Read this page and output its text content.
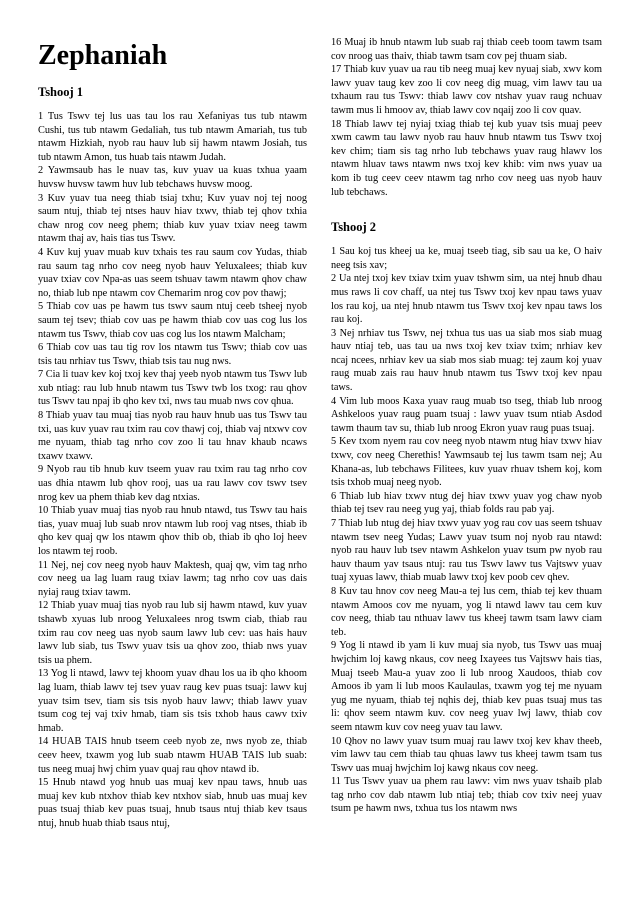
Zephaniah
Tshooj 1

1 Tus Tswv tej lus uas tau los rau Xefaniyas tus tub ntawm Cushi, tus tub ntawm Gedaliah, tus tub ntawm Amariah, tus tub ntawm Hizkiah, nyob rau hauv lub sij hawm ntawm Josiah, tus tub ntawm Amon, tus huab tais ntawm Judah.

2 Yawmsaub has le nuav tas, kuv yuav ua kuas txhua yaam huvsw huvsw tawm huv lub tebchaws huvsw moog.

3 Kuv yuav tua neeg thiab tsiaj txhu; Kuv yuav noj tej noog saum ntuj, thiab tej ntses hauv hiav txwv, thiab tej qhov txhia chaw nrog cov neeg phem; thiab kuv yuav txiav neeg tawm ntawm thaj av, hais tias tus Tswv.

4 Kuv kuj yuav muab kuv txhais tes rau saum cov Yudas, thiab rau saum tag nrho cov neeg nyob hauv Yeluxalees; thiab kuv yuav txiav cov Npa-as uas seem tshuav tawm ntawm qhov chaw no, thiab lub npe ntawm cov Chemarim nrog cov pov thawj;

5 Thiab cov uas pe hawm tus tswv saum ntuj ceeb tsheej nyob saum tej tsev; thiab cov uas pe hawm thiab cov uas cog lus los ntawm tus Tswv, thiab cov uas cog lus los ntawm Malcham;

6 Thiab cov uas tau tig rov los ntawm tus Tswv; thiab cov uas tsis tau nrhiav tus Tswv, thiab tsis tau nug nws.

7 Cia li tuav kev koj txoj kev thaj yeeb nyob ntawm tus Tswv lub xub ntiag: rau lub hnub ntawm tus Tswv twb los txog: rau qhov tus Tswv tau npaj ib qho kev txi, nws tau muab nws cov qhua.

8 Thiab yuav tau muaj tias nyob rau hauv hnub uas tus Tswv tau txi, uas kuv yuav rau txim rau cov thawj coj, thiab vaj ntxwv cov me nyuam, thiab tag nrho cov zoo li tau hnav khaub ncaws txawv txawv.

9 Nyob rau tib hnub kuv tseem yuav rau txim rau tag nrho cov uas dhia ntawm lub qhov rooj, uas ua rau lawv cov tswv tsev nrog kev ua phem thiab kev dag ntxias.

10 Thiab yuav muaj tias nyob rau hnub ntawd, tus Tswv tau hais tias, yuav muaj lub suab nrov ntawm lub rooj vag ntses, thiab ib qho kev quaj qw los ntawm qhov thib ob, thiab ib qho loj heev los ntawm tej roob.

11 Nej, nej cov neeg nyob hauv Maktesh, quaj qw, vim tag nrho cov neeg ua lag luam raug txiav lawm; tag nrho cov uas dais nyiaj raug txiav tawm.

12 Thiab yuav muaj tias nyob rau lub sij hawm ntawd, kuv yuav tshawb xyuas lub nroog Yeluxalees nrog tswm ciab, thiab rau txim rau cov neeg uas nyob saum lawv lub cev: uas hais hauv lawv lub siab, tus Tswv yuav tsis ua qhov zoo, thiab nws yuav tsis ua phem.

13 Yog li ntawd, lawv tej khoom yuav dhau los ua ib qho khoom lag luam, thiab lawv tej tsev yuav raug kev puas tsuaj: lawv kuj yuav tsim tsev, tiam sis tsis nyob hauv lawv; thiab lawv yuav tsum cog tej vaj txiv hmab, tiam sis tsis txhob haus cawv txiv hmab.

14 HUAB TAIS hnub tseem ceeb nyob ze, nws nyob ze, thiab ceev heev, txawm yog lub suab ntawm HUAB TAIS lub suab: tus neeg muaj hwj chim yuav quaj rau qhov ntawd ib.

15 Hnub ntawd yog hnub uas muaj kev npau taws, hnub uas muaj kev kub ntxhov thiab kev ntxhov siab, hnub uas muaj kev puas tsuaj thiab kev puas tsuaj, hnub tsaus ntuj thiab kev tsaus ntuj, hnub huab thiab tsaus ntuj,

16 Muaj ib hnub ntawm lub suab raj thiab ceeb toom tawm tsam cov nroog uas thaiv, thiab tawm tsam cov pej thuam siab.

17 Thiab kuv yuav ua rau tib neeg muaj kev nyuaj siab, xwv kom lawv yuav taug kev zoo li cov neeg dig muag, vim lawv tau ua txhaum rau tus Tswv: thiab lawv cov ntshav yuav raug nchuav tawm mus li hmoov av, thiab lawv cov nqaij zoo li cov quav.

18 Thiab lawv tej nyiaj txiag thiab tej kub yuav tsis muaj peev xwm cawm tau lawv nyob rau hauv hnub ntawm tus Tswv txoj kev chim; tiam sis tag nrho lub tebchaws yuav raug hlawv los ntawm hluav taws ntawm nws txoj kev khib: vim nws yuav ua kom ib tug ceev ceev ntawm tag nrho cov neeg uas nyob hauv lub tebchaws.

Tshooj 2

1 Sau koj tus kheej ua ke, muaj tseeb tiag, sib sau ua ke, O haiv neeg tsis xav;

2 Ua ntej txoj kev txiav txim yuav tshwm sim, ua ntej hnub dhau mus raws li cov chaff, ua ntej tus Tswv txoj kev npau taws yuav los rau koj, ua ntej hnub ntawm tus Tswv txoj kev npau taws los rau koj.

3 Nej nrhiav tus Tswv, nej txhua tus uas ua siab mos siab muag hauv ntiaj teb, uas tau ua nws txoj kev txiav txim; nrhiav kev ncaj ncees, nrhiav kev ua siab mos siab muag: tej zaum koj yuav raug muab zais rau hauv hnub ntawm tus Tswv txoj kev npau taws.

4 Vim lub moos Kaxa yuav raug muab tso tseg, thiab lub nroog Ashkeloos yuav raug puam tsuaj : lawv yuav tsum ntiab Asdod tawm thaum tav su, thiab lub nroog Ekron yuav raug puas tsuaj.

5 Kev txom nyem rau cov neeg nyob ntawm ntug hiav txwv hiav txwv, cov neeg Cherethis! Yawmsaub tej lus tawm tsam nej; Au Khana-as, lub tebchaws Filitees, kuv yuav rhuav tshem koj, kom tsis txhob muaj neeg nyob.

6 Thiab lub hiav txwv ntug dej hiav txwv yuav yog chaw nyob thiab tej tsev rau neeg yug yaj, thiab folds rau pab yaj.

7 Thiab lub ntug dej hiav txwv yuav yog rau cov uas seem tshuav ntawm tsev neeg Yudas; Lawv yuav tsum noj nyob rau ntawd: nyob rau hauv lub tsev ntawm Ashkelon yuav tsum pw nyob rau hauv thaum yav tsaus ntuj: rau tus Tswv lawv tus Vajtswv yuav tuaj xyuas lawv, thiab muab lawv txoj kev poob cev qhev.

8 Kuv tau hnov cov neeg Mau-a tej lus cem, thiab tej kev thuam ntawm Amoos cov me nyuam, yog li ntawd lawv tau cem kuv cov neeg, thiab tau nthuav lawv tus kheej tawm tsam lawv ciam teb.

9 Yog li ntawd ib yam li kuv muaj sia nyob, tus Tswv uas muaj hwjchim loj kawg nkaus, cov neeg Ixayees tus Vajtswv hais tias, Muaj tseeb Mau-a yuav zoo li lub nroog Xaudoos, thiab cov Amoos ib yam li lub moos Kaulaulas, txawm yog tej me nyuam yug me nyuam, thiab tej nqhis dej, thiab kev puas tsuaj mus tas li: qhov seem ntawm kuv. cov neeg yuav lwj lawv, thiab cov seem ntawm kuv cov neeg yuav tau lawv.

10 Qhov no lawv yuav tsum muaj rau lawv txoj kev khav theeb, vim lawv tau cem thiab tau qhuas lawv tus kheej tawm tsam tus Tswv uas muaj hwjchim loj kawg nkaus cov neeg.

11 Tus Tswv yuav ua phem rau lawv: vim nws yuav tshaib plab tag nrho cov dab ntawm lub ntiaj teb; thiab cov txiv neej yuav tsum pe hawm nws, txhua tus los ntawm nws
